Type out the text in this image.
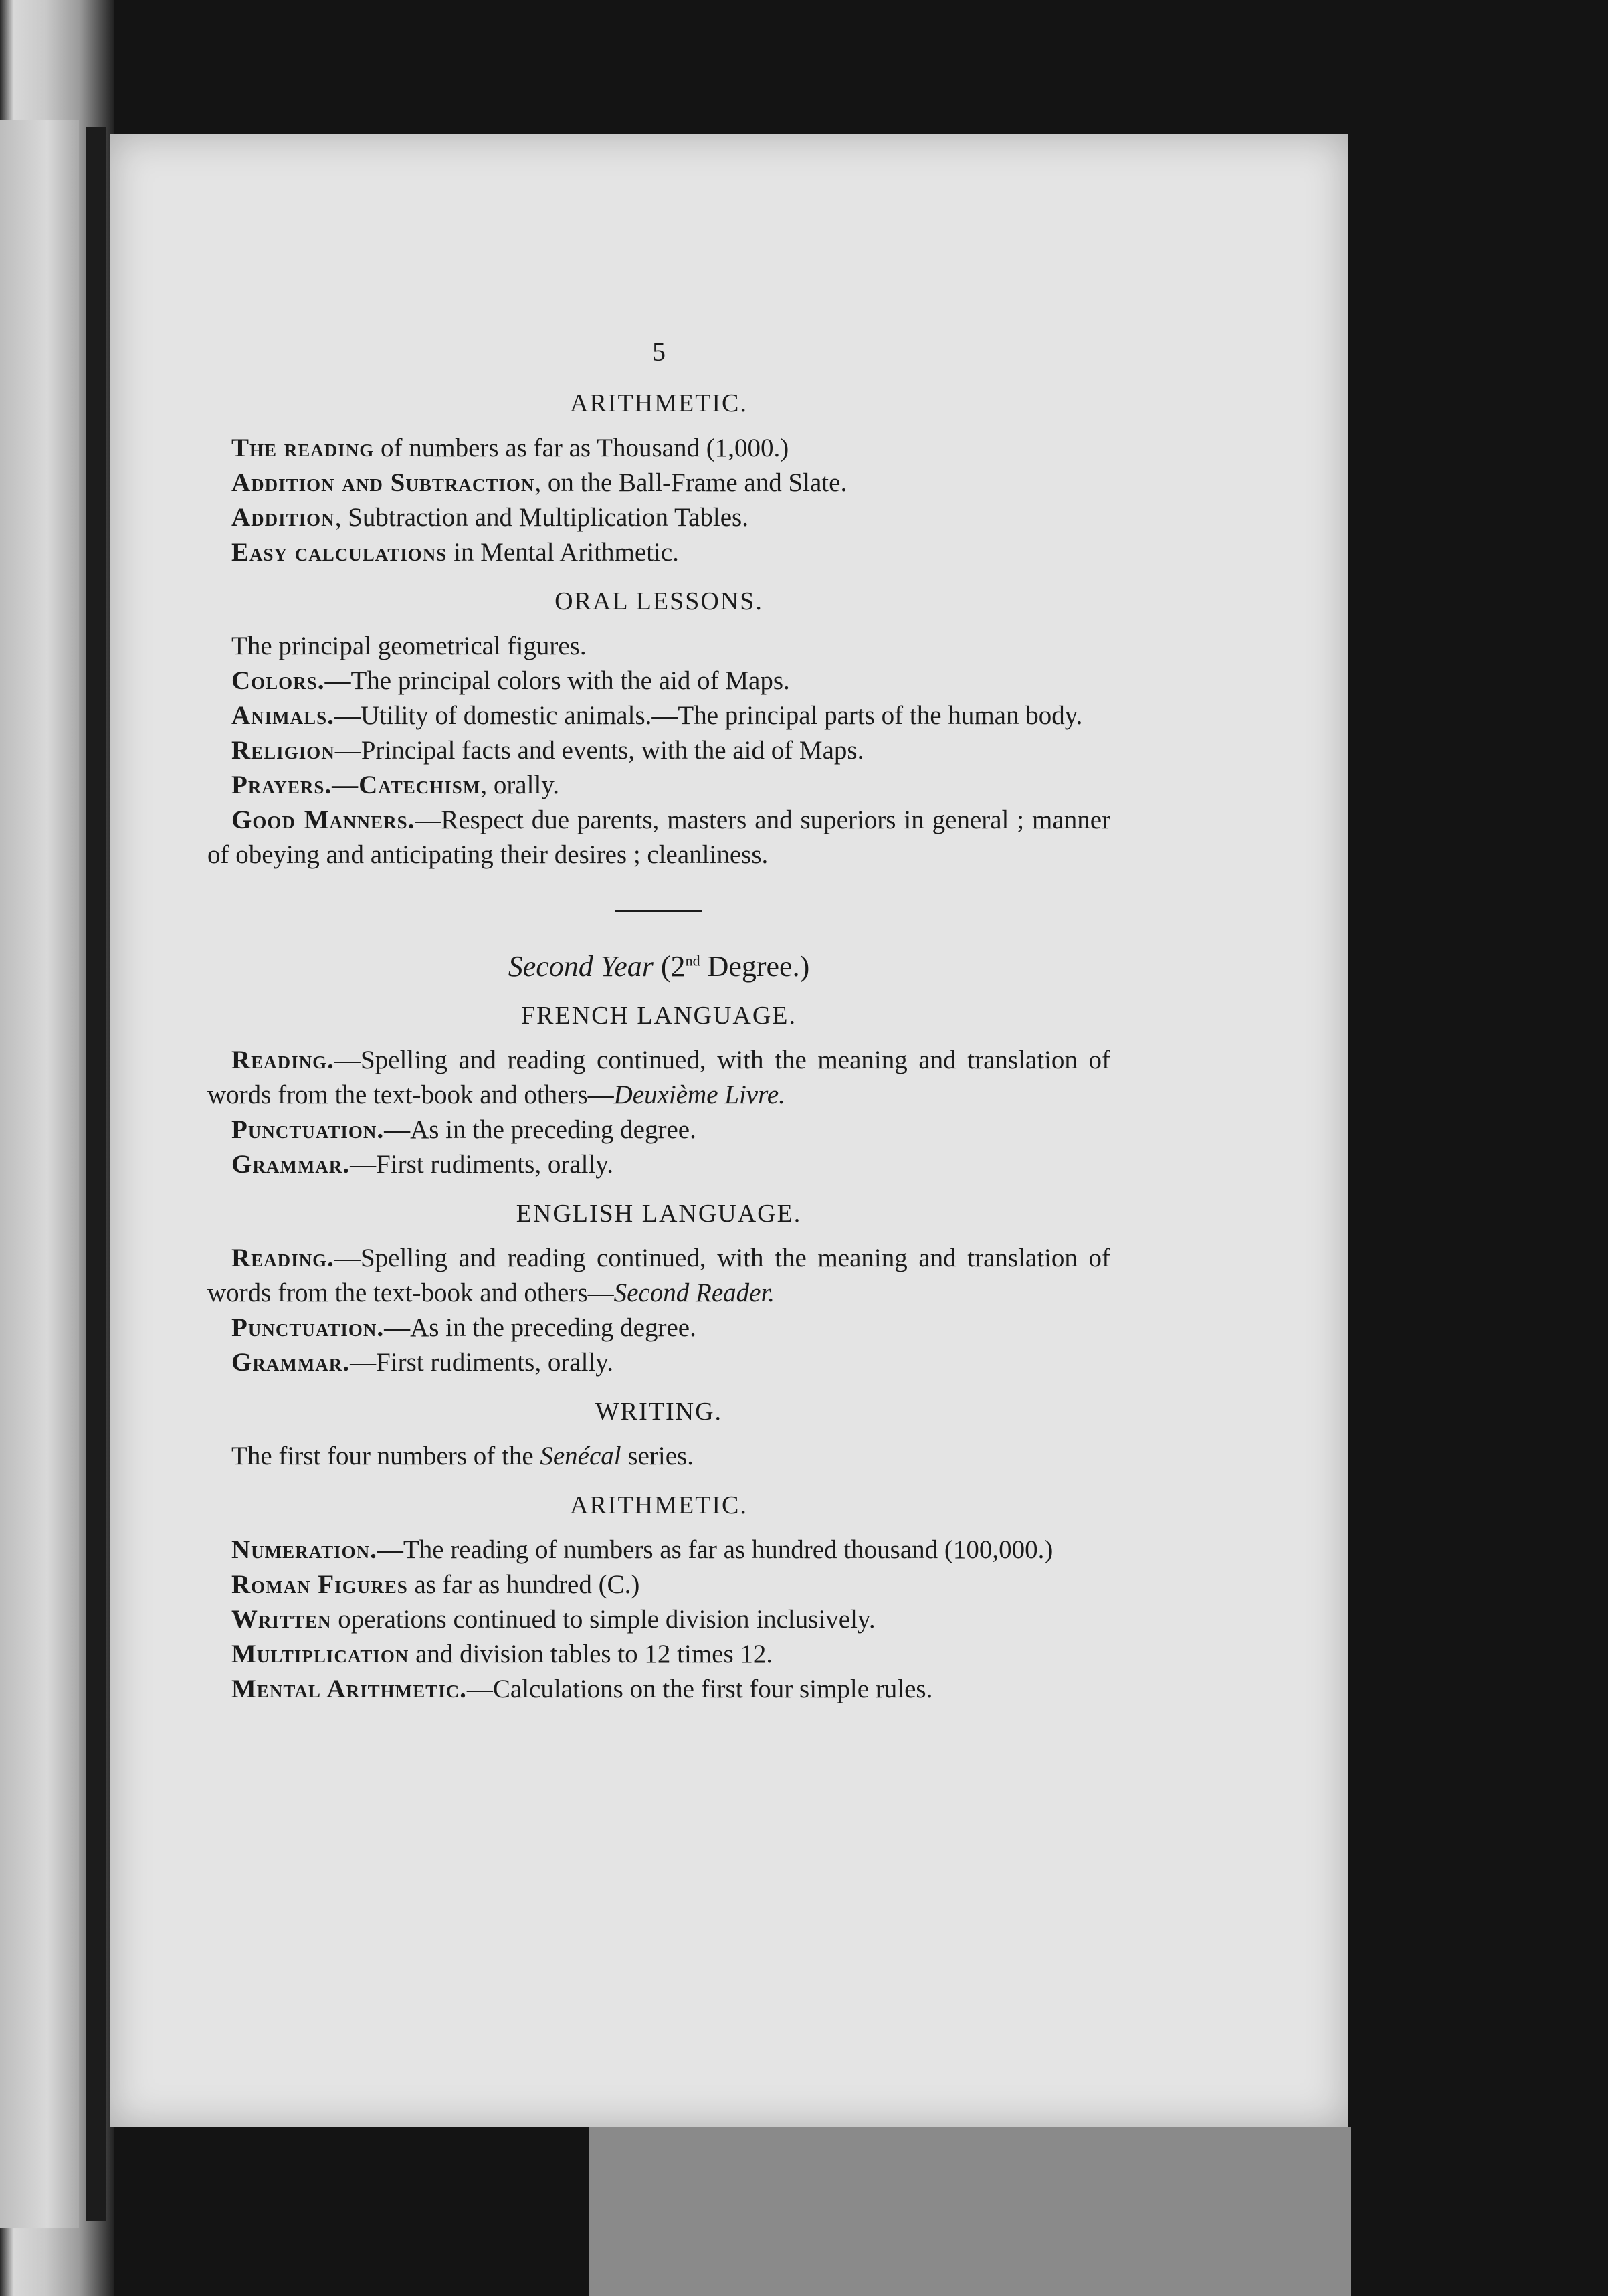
5
ARITHMETIC.

The reading of numbers as far as Thousand (1,000.)

Addition and Subtraction, on the Ball-Frame and Slate.

Addition, Subtraction and Multiplication Tables.

Easy calculations in Mental Arithmetic.

ORAL LESSONS.

The principal geometrical figures.

Colors.—The principal colors with the aid of Maps.

Animals.—Utility of domestic animals.—The principal parts of the human body.

Religion—Principal facts and events, with the aid of Maps.

Prayers.—Catechism, orally.

Good Manners.—Respect due parents, masters and superiors in general ; manner of obeying and anticipating their desires ; cleanliness.

Second Year (2nd Degree.)
FRENCH LANGUAGE.

Reading.—Spelling and reading continued, with the meaning and translation of words from the text-book and others—Deuxième Livre.

Punctuation.—As in the preceding degree.

Grammar.—First rudiments, orally.

ENGLISH LANGUAGE.

Reading.—Spelling and reading continued, with the meaning and translation of words from the text-book and others—Second Reader.

Punctuation.—As in the preceding degree.

Grammar.—First rudiments, orally.

WRITING.

The first four numbers of the Senécal series.

ARITHMETIC.

Numeration.—The reading of numbers as far as hundred thousand (100,000.)

Roman Figures as far as hundred (C.)

Written operations continued to simple division inclusively.

Multiplication and division tables to 12 times 12.

Mental Arithmetic.—Calculations on the first four simple rules.
